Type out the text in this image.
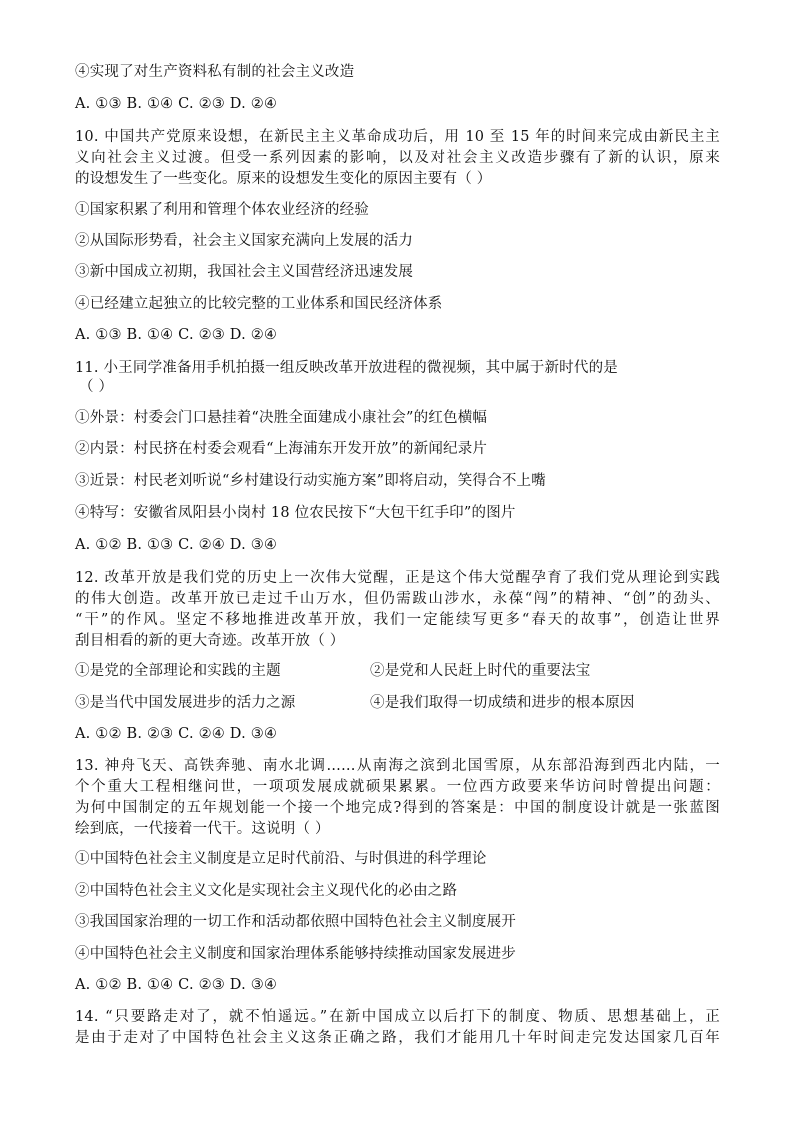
④实现了对生产资料私有制的社会主义改造
A. ①③ B. ①④ C. ②③ D. ②④
10. 中国共产党原来设想，在新民主主义革命成功后，用 10 至 15 年的时间来完成由新民主主
义向社会主义过渡。但受一系列因素的影响，以及对社会主义改造步骤有了新的认识，原来
的设想发生了一些变化。原来的设想发生变化的原因主要有（ ）
①国家积累了利用和管理个体农业经济的经验
②从国际形势看，社会主义国家充满向上发展的活力
③新中国成立初期，我国社会主义国营经济迅速发展
④已经建立起独立的比较完整的工业体系和国民经济体系
A. ①③ B. ①④ C. ②③ D. ②④
11. 小王同学准备用手机拍摄一组反映改革开放进程的微视频，其中属于新时代的是
（ ）
①外景：村委会门口悬挂着“决胜全面建成小康社会”的红色横幅
②内景：村民挤在村委会观看“上海浦东开发开放”的新闻纪录片
③近景：村民老刘听说“乡村建设行动实施方案”即将启动，笑得合不上嘴
④特写：安徽省凤阳县小岗村 18 位农民按下“大包干红手印”的图片
A. ①② B. ①③ C. ②④ D. ③④
12. 改革开放是我们党的历史上一次伟大觉醒，正是这个伟大觉醒孕育了我们党从理论到实践
的伟大创造。改革开放已走过千山万水，但仍需跋山涉水，永葆“闯”的精神、“创”的劲头、
“干”的作风。坚定不移地推进改革开放，我们一定能续写更多“春天的故事”，创造让世界
刮目相看的新的更大奇迹。改革开放（ ）
①是党的全部理论和实践的主题	②是党和人民赶上时代的重要法宝
③是当代中国发展进步的活力之源	④是我们取得一切成绩和进步的根本原因
A. ①② B. ②③ C. ②④ D. ③④
13. 神舟飞天、高铁奔驰、南水北调……从南海之滨到北国雪原，从东部沿海到西北内陆，一
个个重大工程相继问世，一项项发展成就硕果累累。一位西方政要来华访问时曾提出问题：
为何中国制定的五年规划能一个接一个地完成?得到的答案是：中国的制度设计就是一张蓝图
绘到底，一代接着一代干。这说明（ ）
①中国特色社会主义制度是立足时代前沿、与时俱进的科学理论
②中国特色社会主义文化是实现社会主义现代化的必由之路
③我国国家治理的一切工作和活动都依照中国特色社会主义制度展开
④中国特色社会主义制度和国家治理体系能够持续推动国家发展进步
A. ①② B. ①④ C. ②③ D. ③④
14. “只要路走对了，就不怕遥远。”在新中国成立以后打下的制度、物质、思想基础上，正
是由于走对了中国特色社会主义这条正确之路，我们才能用几十年时间走完发达国家几百年
